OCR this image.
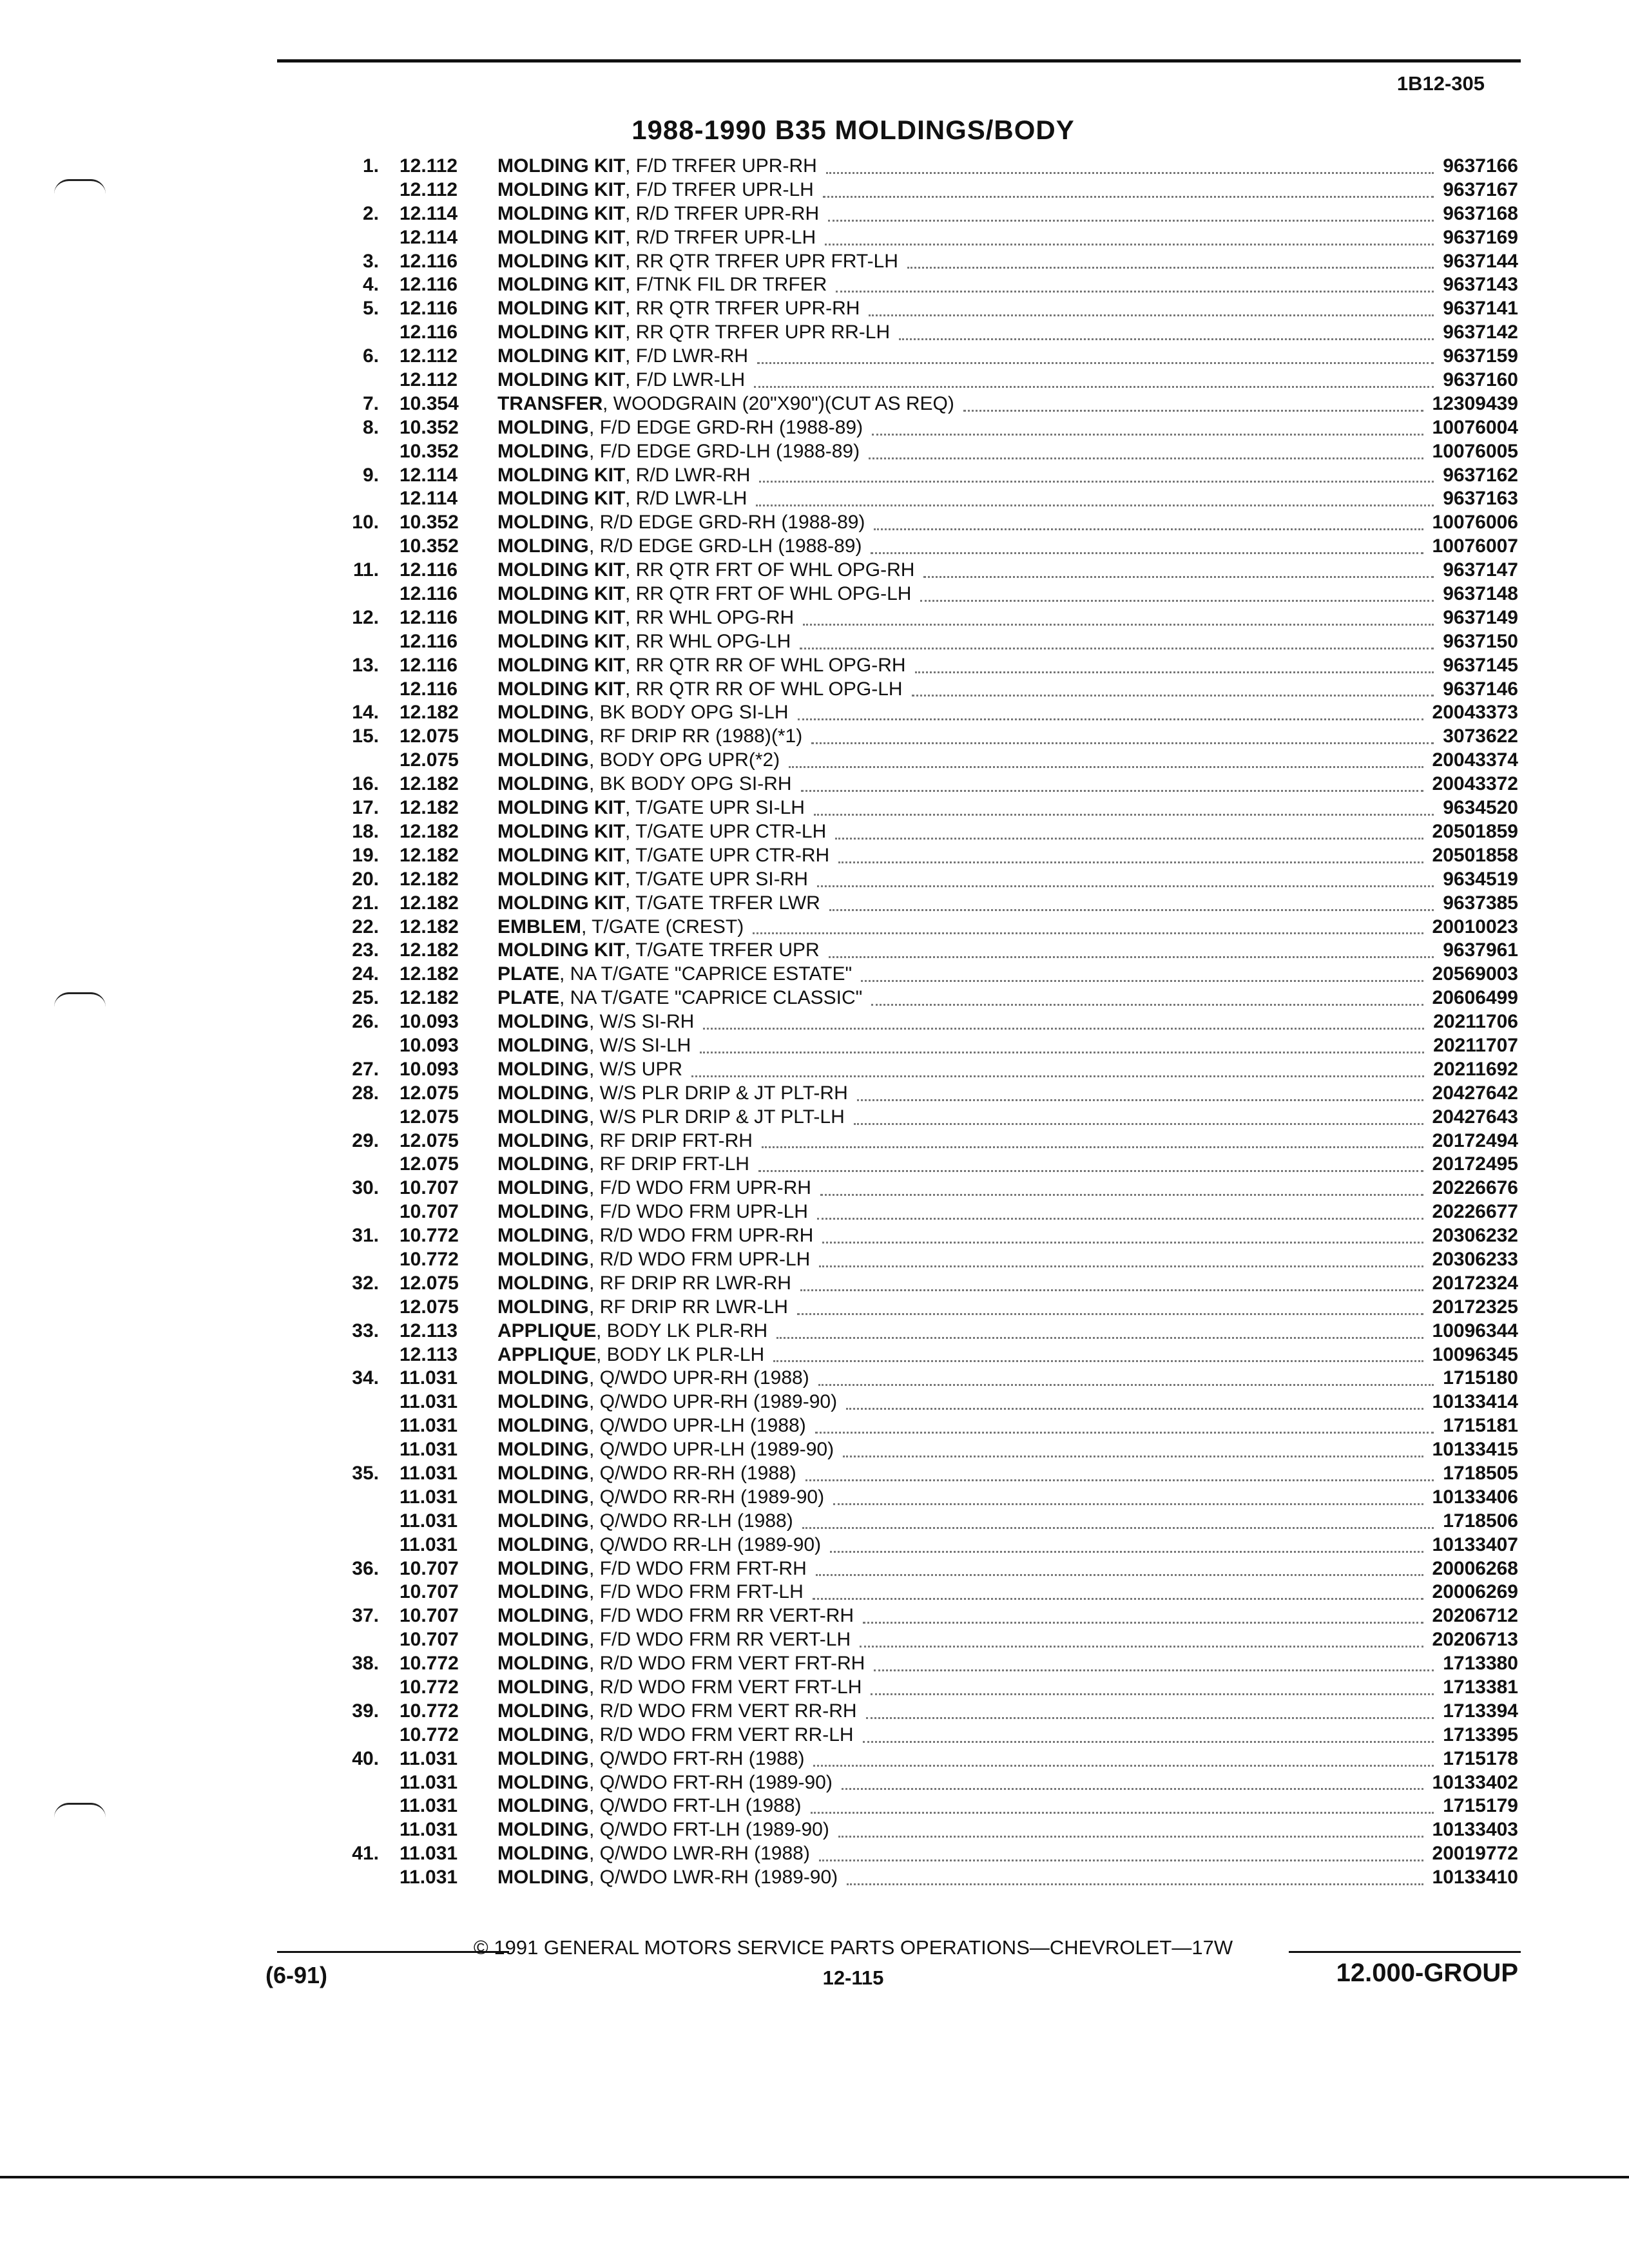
1B12-305
1988-1990 B35 MOLDINGS/BODY
1. 12.112 MOLDING KIT , F/D TRFER UPR-RH	9637166
12.112 MOLDING KIT , F/D TRFER UPR-LH	9637167
2. 12.114 MOLDING KIT , R/D TRFER UPR-RH	9637168
12.114 MOLDING KIT , R/D TRFER UPR-LH	9637169
3. 12.116 MOLDING KIT , RR QTR TRFER UPR FRT-LH	9637144
4. 12.116 MOLDING KIT , F/TNK FIL DR TRFER	9637143
5. 12.116 MOLDING KIT , RR QTR TRFER UPR-RH	9637141
12.116 MOLDING KIT , RR QTR TRFER UPR RR-LH	9637142
6. 12.112 MOLDING KIT , F/D LWR-RH	9637159
12.112 MOLDING KIT , F/D LWR-LH	9637160
7. 10.354 TRANSFER , WOODGRAIN (20"X90")(CUT AS REQ)	12309439
8. 10.352 MOLDING , F/D EDGE GRD-RH (1988-89)	10076004
10.352 MOLDING , F/D EDGE GRD-LH (1988-89)	10076005
9. 12.114 MOLDING KIT , R/D LWR-RH	9637162
12.114 MOLDING KIT , R/D LWR-LH	9637163
10. 10.352 MOLDING , R/D EDGE GRD-RH (1988-89)	10076006
10.352 MOLDING , R/D EDGE GRD-LH (1988-89)	10076007
11. 12.116 MOLDING KIT , RR QTR FRT OF WHL OPG-RH	9637147
12.116 MOLDING KIT , RR QTR FRT OF WHL OPG-LH	9637148
12. 12.116 MOLDING KIT , RR WHL OPG-RH	9637149
12.116 MOLDING KIT , RR WHL OPG-LH	9637150
13. 12.116 MOLDING KIT , RR QTR RR OF WHL OPG-RH	9637145
12.116 MOLDING KIT , RR QTR RR OF WHL OPG-LH	9637146
14. 12.182 MOLDING , BK BODY OPG SI-LH	20043373
15. 12.075 MOLDING , RF DRIP RR (1988)(*1)	3073622
12.075 MOLDING , BODY OPG UPR(*2)	20043374
16. 12.182 MOLDING , BK BODY OPG SI-RH	20043372
17. 12.182 MOLDING KIT , T/GATE UPR SI-LH	9634520
18. 12.182 MOLDING KIT , T/GATE UPR CTR-LH	20501859
19. 12.182 MOLDING KIT , T/GATE UPR CTR-RH	20501858
20. 12.182 MOLDING KIT , T/GATE UPR SI-RH	9634519
21. 12.182 MOLDING KIT , T/GATE TRFER LWR	9637385
22. 12.182 EMBLEM , T/GATE (CREST)	20010023
23. 12.182 MOLDING KIT , T/GATE TRFER UPR	9637961
24. 12.182 PLATE , NA T/GATE "CAPRICE ESTATE"	20569003
25. 12.182 PLATE , NA T/GATE "CAPRICE CLASSIC"	20606499
26. 10.093 MOLDING , W/S SI-RH	20211706
10.093 MOLDING , W/S SI-LH	20211707
27. 10.093 MOLDING , W/S UPR	20211692
28. 12.075 MOLDING , W/S PLR DRIP & JT PLT-RH	20427642
12.075 MOLDING , W/S PLR DRIP & JT PLT-LH	20427643
29. 12.075 MOLDING , RF DRIP FRT-RH	20172494
12.075 MOLDING , RF DRIP FRT-LH	20172495
30. 10.707 MOLDING , F/D WDO FRM UPR-RH	20226676
10.707 MOLDING , F/D WDO FRM UPR-LH	20226677
31. 10.772 MOLDING , R/D WDO FRM UPR-RH	20306232
10.772 MOLDING , R/D WDO FRM UPR-LH	20306233
32. 12.075 MOLDING , RF DRIP RR LWR-RH	20172324
12.075 MOLDING , RF DRIP RR LWR-LH	20172325
33. 12.113 APPLIQUE , BODY LK PLR-RH	10096344
12.113 APPLIQUE , BODY LK PLR-LH	10096345
34. 11.031 MOLDING , Q/WDO UPR-RH (1988)	1715180
11.031 MOLDING , Q/WDO UPR-RH (1989-90)	10133414
11.031 MOLDING , Q/WDO UPR-LH (1988)	1715181
11.031 MOLDING , Q/WDO UPR-LH (1989-90)	10133415
35. 11.031 MOLDING , Q/WDO RR-RH (1988)	1718505
11.031 MOLDING , Q/WDO RR-RH (1989-90)	10133406
11.031 MOLDING , Q/WDO RR-LH (1988)	1718506
11.031 MOLDING , Q/WDO RR-LH (1989-90)	10133407
36. 10.707 MOLDING , F/D WDO FRM FRT-RH	20006268
10.707 MOLDING , F/D WDO FRM FRT-LH	20006269
37. 10.707 MOLDING , F/D WDO FRM RR VERT-RH	20206712
10.707 MOLDING , F/D WDO FRM RR VERT-LH	20206713
38. 10.772 MOLDING , R/D WDO FRM VERT FRT-RH	1713380
10.772 MOLDING , R/D WDO FRM VERT FRT-LH	1713381
39. 10.772 MOLDING , R/D WDO FRM VERT RR-RH	1713394
10.772 MOLDING , R/D WDO FRM VERT RR-LH	1713395
40. 11.031 MOLDING , Q/WDO FRT-RH (1988)	1715178
11.031 MOLDING , Q/WDO FRT-RH (1989-90)	10133402
11.031 MOLDING , Q/WDO FRT-LH (1988)	1715179
11.031 MOLDING , Q/WDO FRT-LH (1989-90)	10133403
41. 11.031 MOLDING , Q/WDO LWR-RH (1988)	20019772
11.031 MOLDING , Q/WDO LWR-RH (1989-90)	10133410
© 1991 GENERAL MOTORS SERVICE PARTS OPERATIONS—CHEVROLET—17W
(6-91)	12-115	12.000-GROUP
